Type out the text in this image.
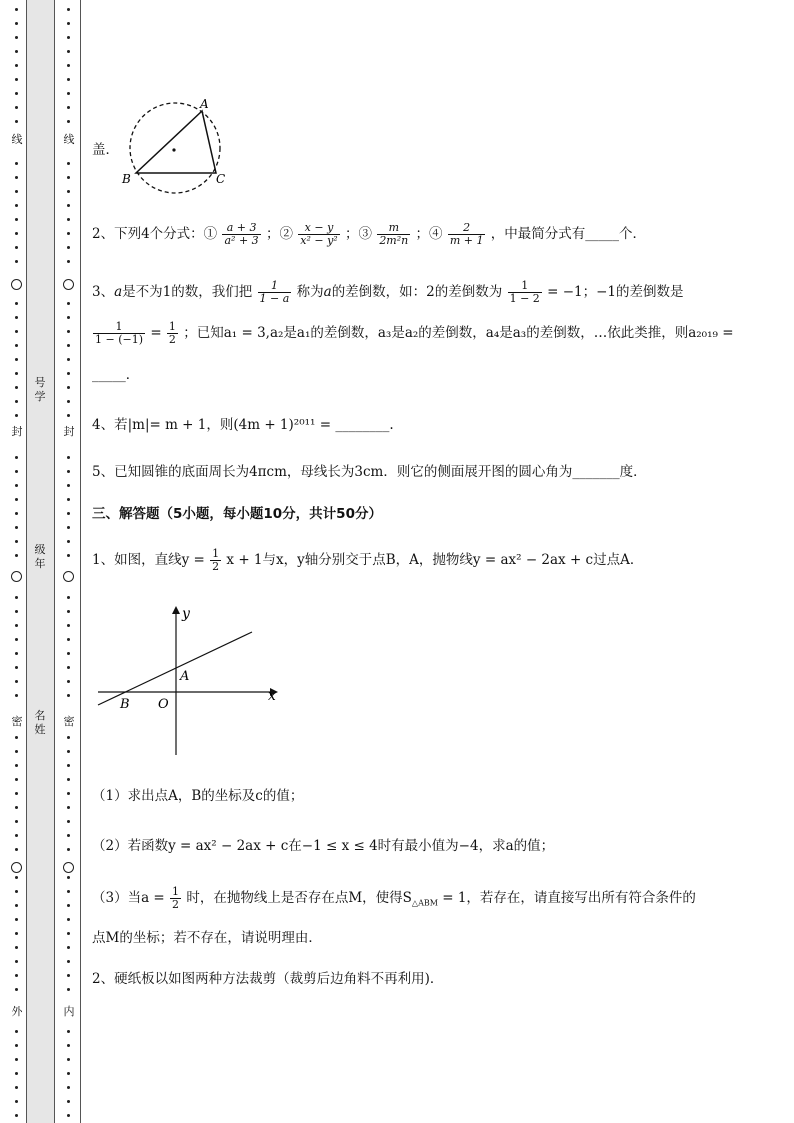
线
封
密
外
号学
级年
名姓
线
封
密
内
盖．
A
B	C
2、下列4个分式：① $\frac{a + 3}{\text{a² + 3}}$ ；② $\frac{x - y}{\text{x² − y²}}$ ；③ $\frac{m}{\text{2m²n}}$ ；④ $\frac{2}{m + 1}$ ，中最简分式有_____个．
3、a是不为1的数，我们把 $\frac{1}{1 - a}$ 称为a的差倒数，如：2的差倒数为 $\frac{1}{1 - 2} = -1$；−1的差倒数是
$\frac{1}{1 - (-1)} = \frac{1}{2}$ ；已知a₁ = 3,a₂是a₁的差倒数，a₃是a₂的差倒数，a₄是a₃的差倒数，…依此类推，则a₂₀₁₉ =
_____．
4、若|m|= m + 1，则(4m + 1)²⁰¹¹ = ________.
5、已知圆锥的底面周长为4πcm，母线长为3cm．则它的侧面展开图的圆心角为_______度．
三、解答题（5小题，每小题10分，共计50分）
1、如图，直线$y = \frac{1}{2}$ x + 1与x，y轴分别交于点B，A，抛物线y = ax² − 2ax + c过点A．
y
x
A
B O
（1）求出点A，B的坐标及c的值；
（2）若函数y = ax² − 2ax + c在−1 ≤ x ≤ 4时有最小值为−4，求a的值；
（3）当$a = \frac{1}{2}$ 时，在抛物线上是否存在点M，使得$S_{\triangle ABM} = 1$，若存在，请直接写出所有符合条件的
点M的坐标；若不存在，请说明理由．
2、硬纸板以如图两种方法裁剪（裁剪后边角料不再利用)．
